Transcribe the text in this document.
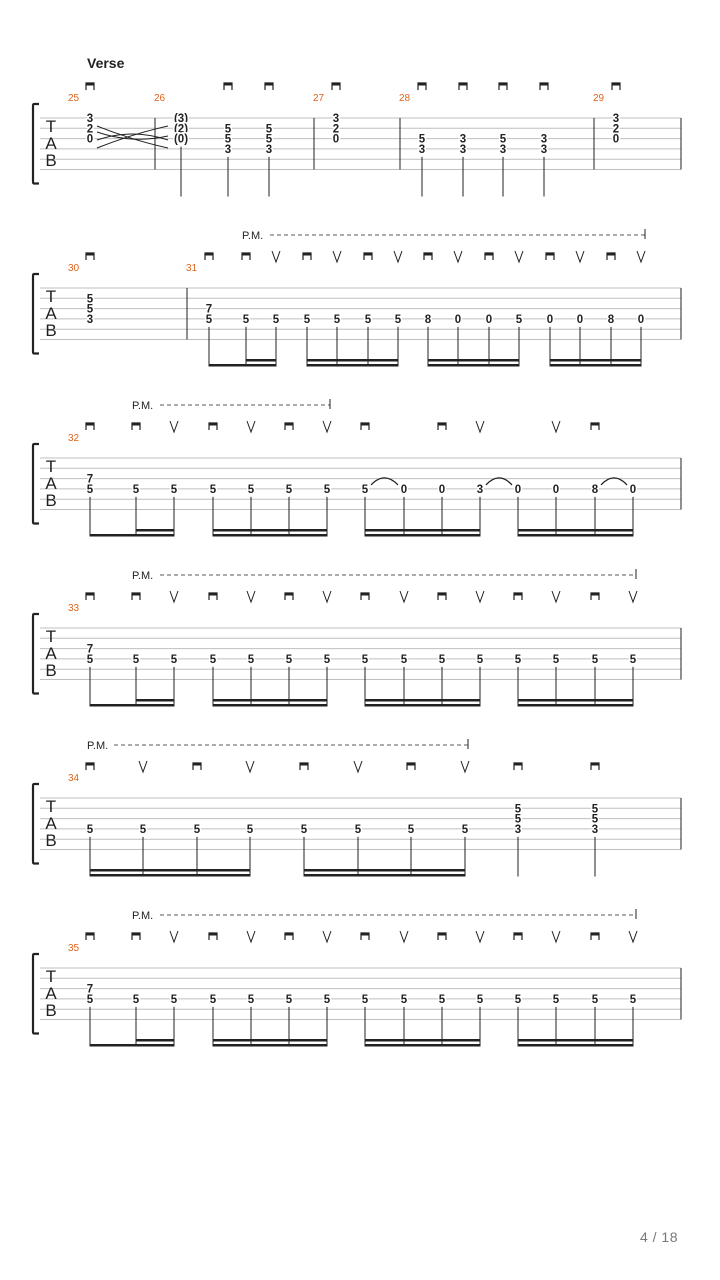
Verse
T
A
B
25	26	27	28	29
3
2
0
(3)
(2)
(0)
5
5
3
5
5
3
3
2
0	5
3
3
3
5
3
3
3
3
2
0
T
A
B
30	31
5
5
3
7
5	5 5 5 5 5 5 8 0 0 5 0 0 8 0
P.M.
T
A
B
32
7
5	5	5	5	5	5	5	5	0	0	3	0	0	8	0
P.M.
T
A
B
33
7
5	5	5	5	5	5	5	5	5	5	5	5	5	5	5
P.M.
T
A
B
34
5	5	5	5	5	5	5	5
5
5
3
5
5
3
P.M.
T
A
B
35
7
5	5	5	5	5	5	5	5	5	5	5	5	5	5	5
P.M.
4 / 18
